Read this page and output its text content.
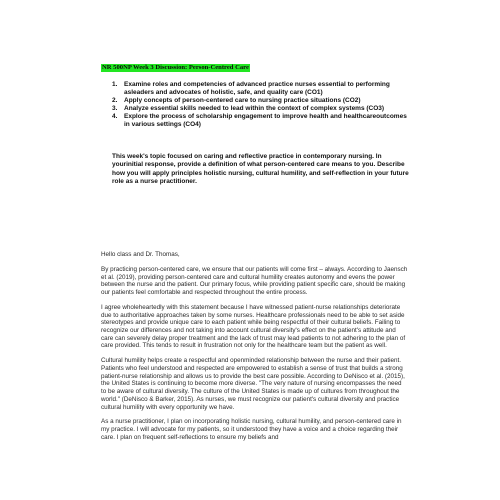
NR 500NP Week 3 Discussion: Person-Centred Care
1. Examine roles and competencies of advanced practice nurses essential to performing asleaders and advocates of holistic, safe, and quality care (CO1)
2. Apply concepts of person-centered care to nursing practice situations (CO2)
3. Analyze essential skills needed to lead within the context of complex systems (CO3)
4. Explore the process of scholarship engagement to improve health and healthcareoutcomes in various settings (CO4)

This week's topic focused on caring and reflective practice in contemporary nursing. In yourinitial response, provide a definition of what person-centered care means to you. Describe how you will apply principles holistic nursing, cultural humility, and self-reflection in your future role as a nurse practitioner.

Hello class and Dr. Thomas,

By practicing person-centered care, we ensure that our patients will come first – always. According to Jaensch et al. (2019), providing person-centered care and cultural humility creates autonomy and evens the power between the nurse and the patient. Our primary focus, while providing patient specific care, should be making our patients feel comfortable and respected throughout the entire process.

I agree wholeheartedly with this statement because I have witnessed patient-nurse relationships deteriorate due to authoritative approaches taken by some nurses. Healthcare professionals need to be able to set aside stereotypes and provide unique care to each patient while being respectful of their cultural beliefs. Failing to recognize our differences and not taking into account cultural diversity's effect on the patient's attitude and care can severely delay proper treatment and the lack of trust may lead patients to not adhering to the plan of care provided. This tends to result in frustration not only for the healthcare team but the patient as well.

Cultural humility helps create a respectful and openminded relationship between the nurse and their patient. Patients who feel understood and respected are empowered to establish a sense of trust that builds a strong patient-nurse relationship and allows us to provide the best care possible. According to DeNisco et al. (2015), the United States is continuing to become more diverse. "The very nature of nursing encompasses the need to be aware of cultural diversity. The culture of the United States is made up of cultures from throughout the world." (DeNisco & Barker, 2015). As nurses, we must recognize our patient's cultural diversity and practice cultural humility with every opportunity we have.

As a nurse practitioner, I plan on incorporating holistic nursing, cultural humility, and person-centered care in my practice. I will advocate for my patients, so it understood they have a voice and a choice regarding their care. I plan on frequent self-reflections to ensure my beliefs and
